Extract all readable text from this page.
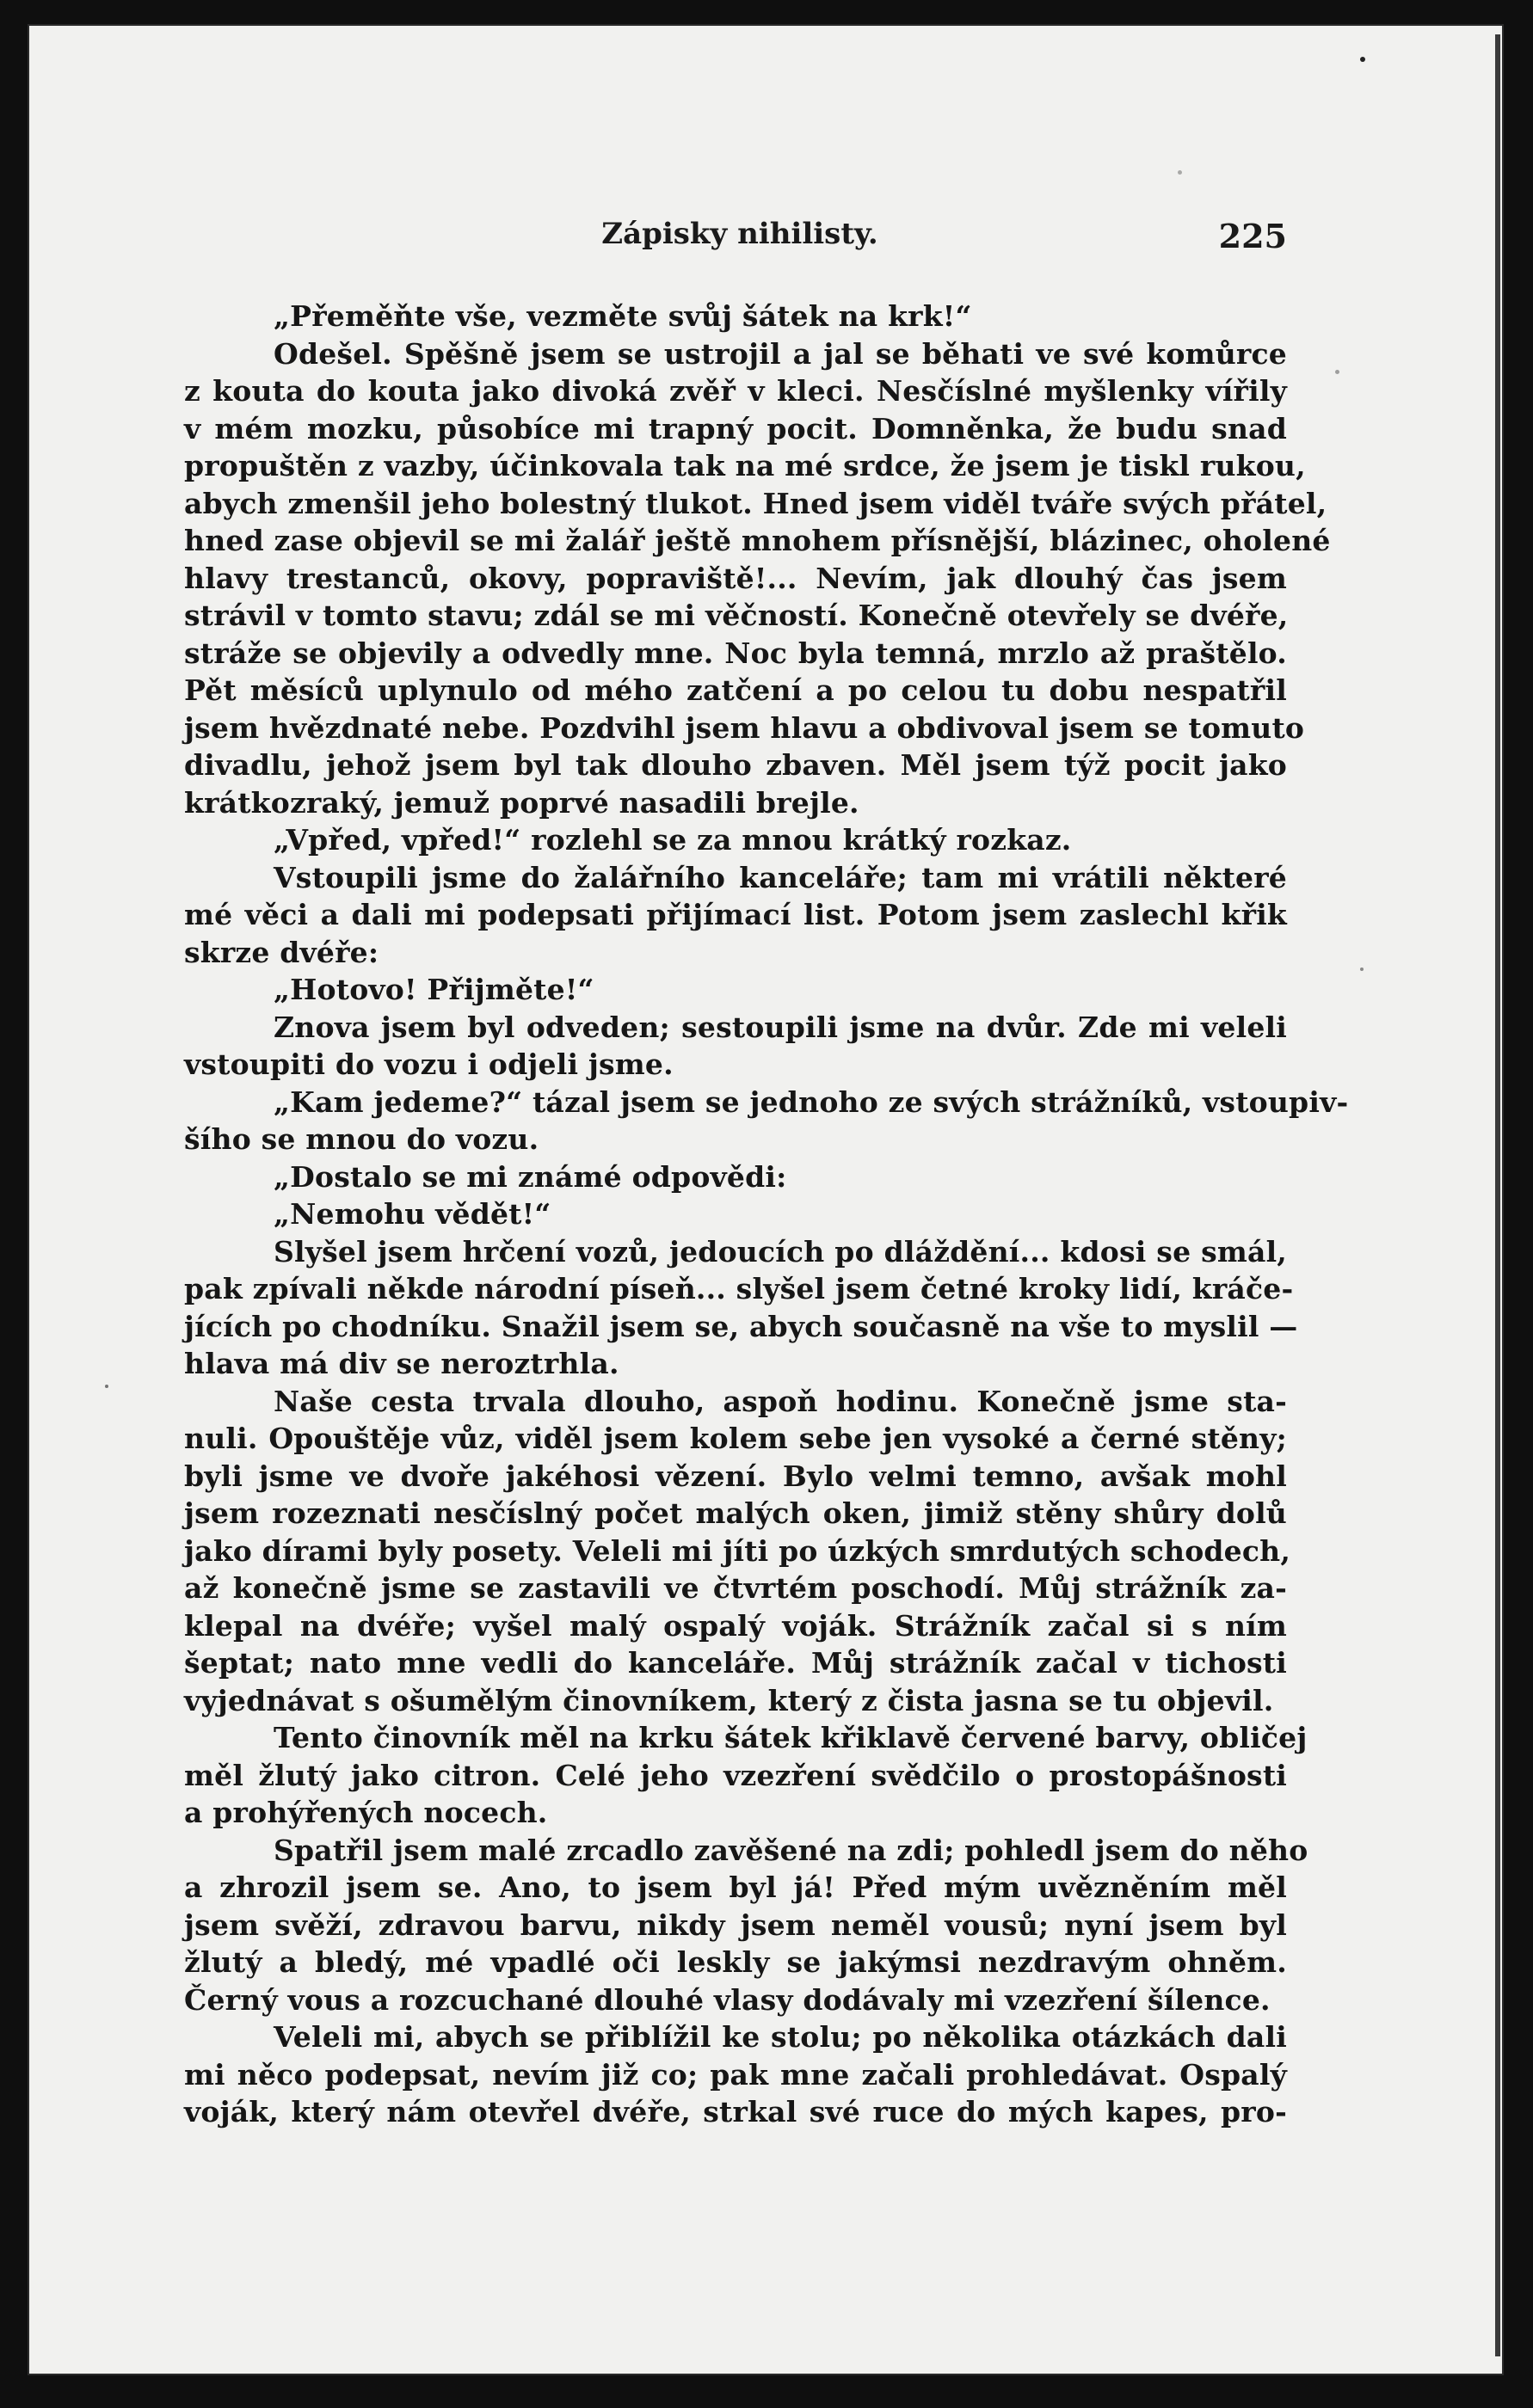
Zápisky nihilisty.	225
„Přeměňte vše, vezměte svůj šátek na krk!“
Odešel. Spěšně jsem se ustrojil a jal se běhati ve své komůrce
z kouta do kouta jako divoká zvěř v kleci. Nesčíslné myšlenky vířily
v mém mozku, působíce mi trapný pocit. Domněnka, že budu snad
propuštěn z vazby, účinkovala tak na mé srdce, že jsem je tiskl rukou,
abych zmenšil jeho bolestný tlukot. Hned jsem viděl tváře svých přátel,
hned zase objevil se mi žalář ještě mnohem přísnější, blázinec, oholené
hlavy trestanců, okovy, popraviště!... Nevím, jak dlouhý čas jsem
strávil v tomto stavu; zdál se mi věčností. Konečně otevřely se dvéře,
stráže se objevily a odvedly mne. Noc byla temná, mrzlo až praštělo.
Pět měsíců uplynulo od mého zatčení a po celou tu dobu nespatřil
jsem hvězdnaté nebe. Pozdvihl jsem hlavu a obdivoval jsem se tomuto
divadlu, jehož jsem byl tak dlouho zbaven. Měl jsem týž pocit jako
krátkozraký, jemuž poprvé nasadili brejle.
„Vpřed, vpřed!“ rozlehl se za mnou krátký rozkaz.
Vstoupili jsme do žalářního kanceláře; tam mi vrátili některé
mé věci a dali mi podepsati přijímací list. Potom jsem zaslechl křik
skrze dvéře:
„Hotovo! Přijměte!“
Znova jsem byl odveden; sestoupili jsme na dvůr. Zde mi veleli
vstoupiti do vozu i odjeli jsme.
„Kam jedeme?“ tázal jsem se jednoho ze svých strážníků, vstoupiv-
šího se mnou do vozu.
„Dostalo se mi známé odpovědi:
„Nemohu vědět!“
Slyšel jsem hrčení vozů, jedoucích po dláždění... kdosi se smál,
pak zpívali někde národní píseň... slyšel jsem četné kroky lidí, kráče-
jících po chodníku. Snažil jsem se, abych současně na vše to myslil —
hlava má div se neroztrhla.
Naše cesta trvala dlouho, aspoň hodinu. Konečně jsme sta-
nuli. Opouštěje vůz, viděl jsem kolem sebe jen vysoké a černé stěny;
byli jsme ve dvoře jakéhosi vězení. Bylo velmi temno, avšak mohl
jsem rozeznati nesčíslný počet malých oken, jimiž stěny shůry dolů
jako dírami byly posety. Veleli mi jíti po úzkých smrdutých schodech,
až konečně jsme se zastavili ve čtvrtém poschodí. Můj strážník za-
klepal na dvéře; vyšel malý ospalý voják. Strážník začal si s ním
šeptat; nato mne vedli do kanceláře. Můj strážník začal v tichosti
vyjednávat s ošumělým činovníkem, který z čista jasna se tu objevil.
Tento činovník měl na krku šátek křiklavě červené barvy, obličej
měl žlutý jako citron. Celé jeho vzezření svědčilo o prostopášnosti
a prohýřených nocech.
Spatřil jsem malé zrcadlo zavěšené na zdi; pohledl jsem do něho
a zhrozil jsem se. Ano, to jsem byl já! Před mým uvězněním měl
jsem svěží, zdravou barvu, nikdy jsem neměl vousů; nyní jsem byl
žlutý a bledý, mé vpadlé oči leskly se jakýmsi nezdravým ohněm.
Černý vous a rozcuchané dlouhé vlasy dodávaly mi vzezření šílence.
Veleli mi, abych se přiblížil ke stolu; po několika otázkách dali
mi něco podepsat, nevím již co; pak mne začali prohledávat. Ospalý
voják, který nám otevřel dvéře, strkal své ruce do mých kapes, pro-
